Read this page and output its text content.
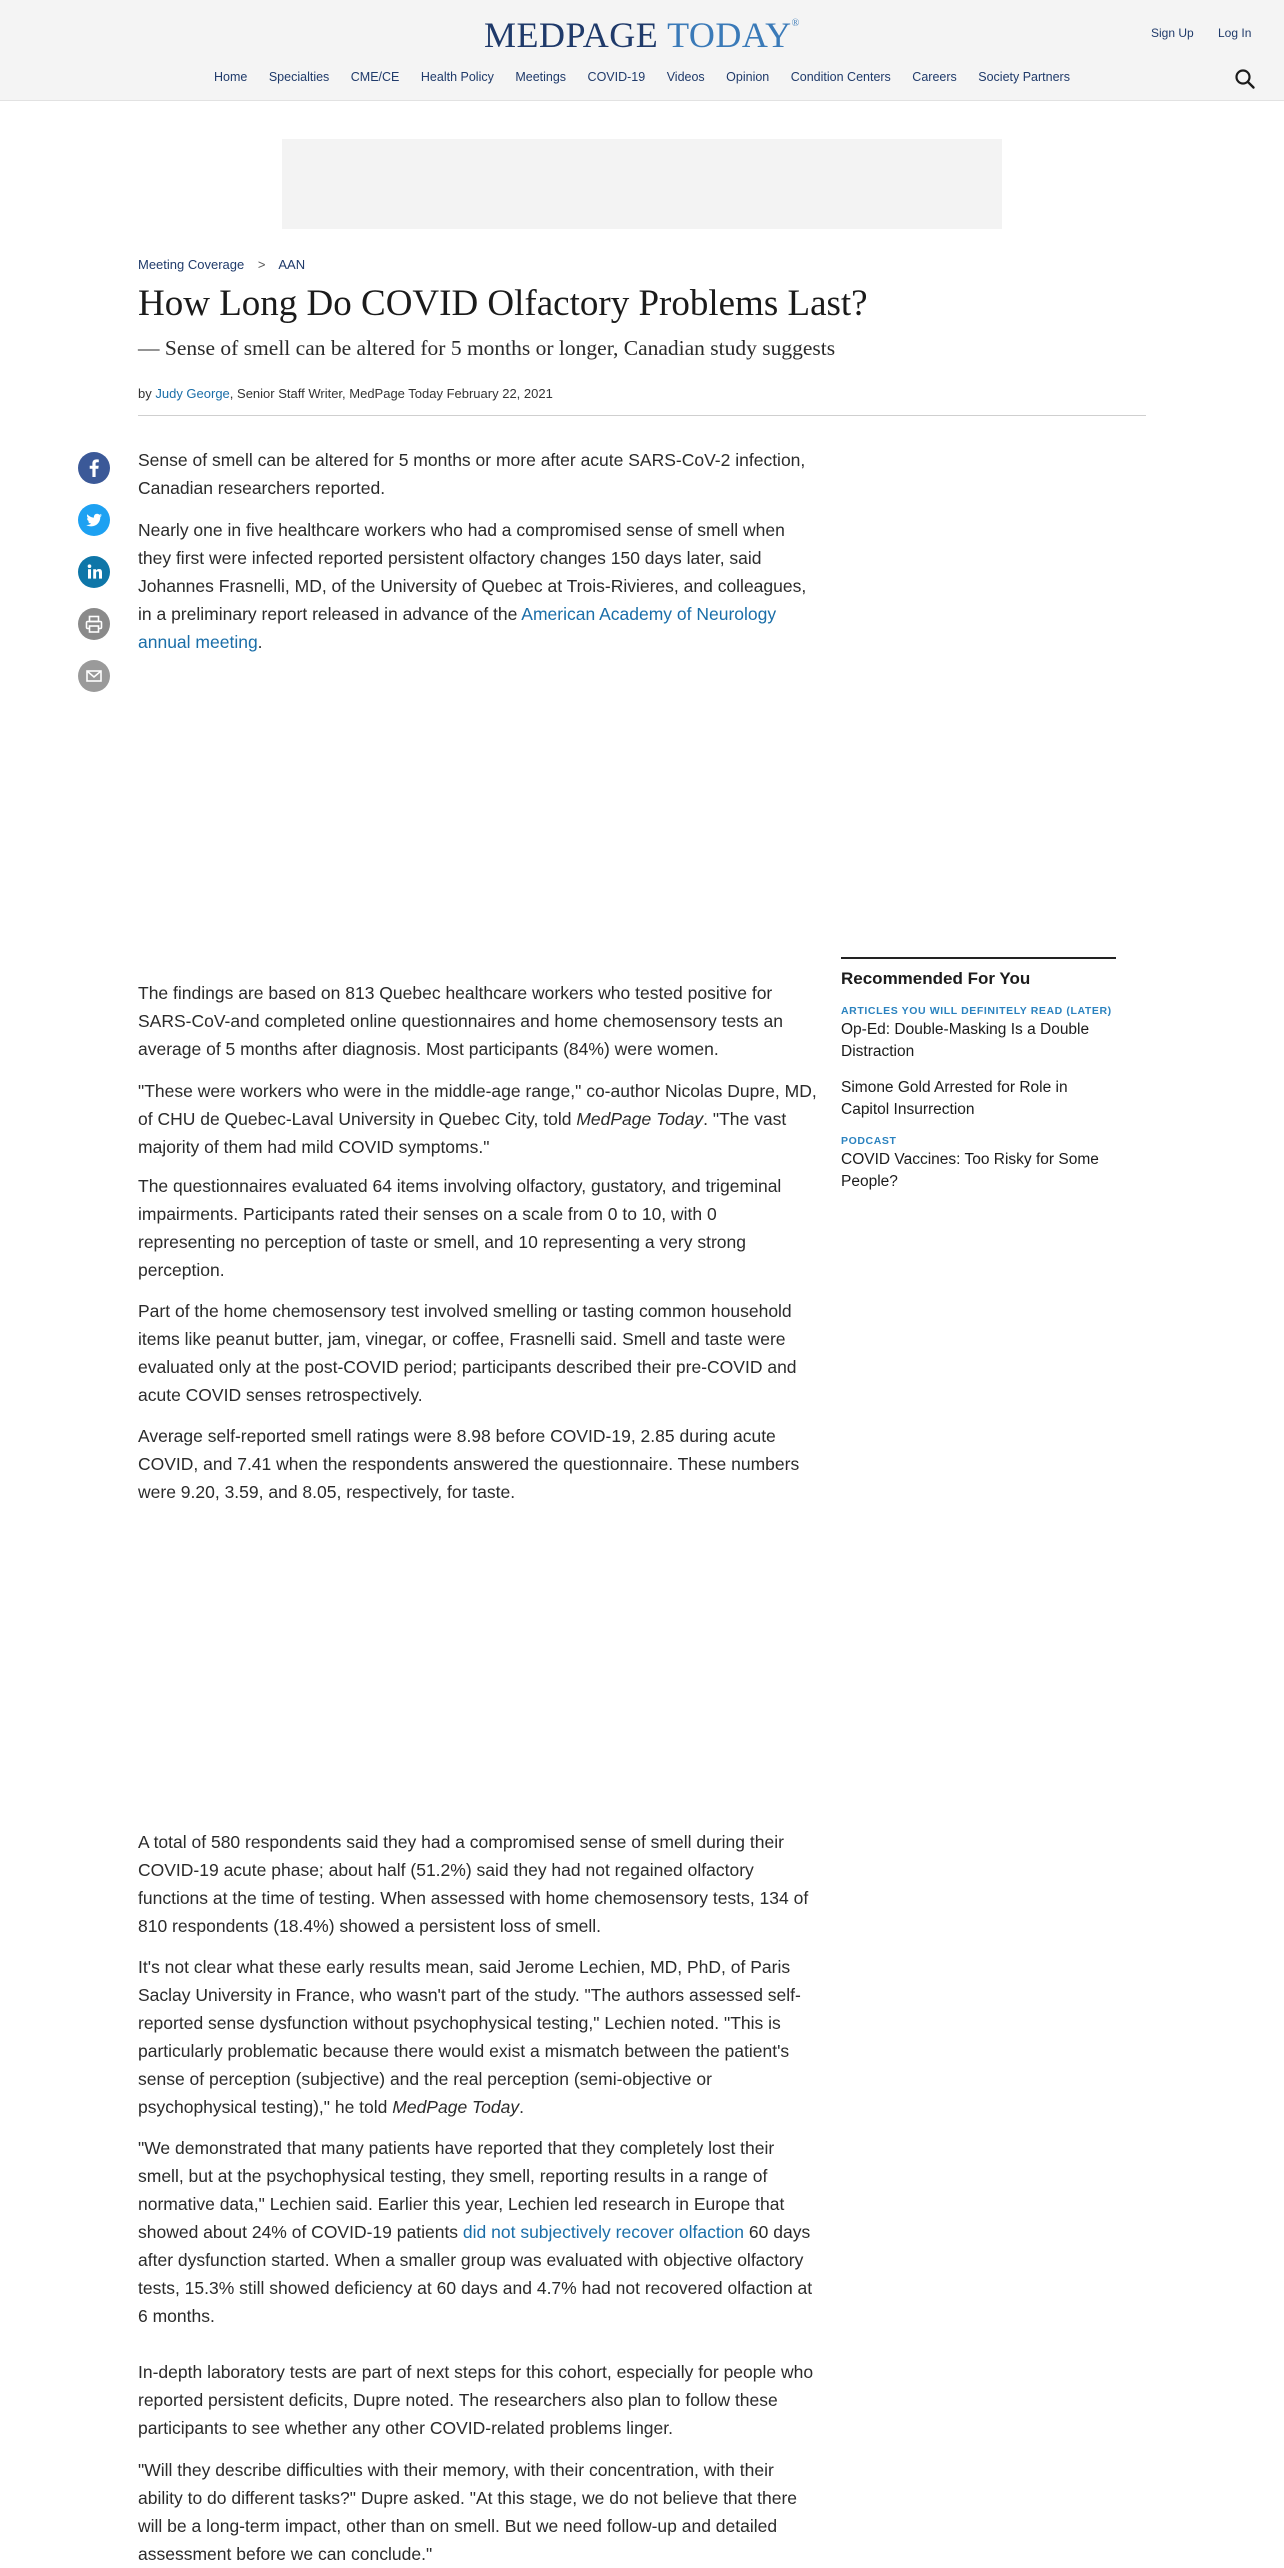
MEDPAGE TODAY®
Sign Up Log In
Home Specialties CME/CE Health Policy Meetings COVID-19 Videos Opinion Condition Centers Careers Society Partners
Meeting Coverage > AAN
How Long Do COVID Olfactory Problems Last?
— Sense of smell can be altered for 5 months or longer, Canadian study suggests
by Judy George, Senior Staff Writer, MedPage Today February 22, 2021

Sense of smell can be altered for 5 months or more after acute SARS-CoV-2 infection, Canadian researchers reported.

Nearly one in five healthcare workers who had a compromised sense of smell when they first were infected reported persistent olfactory changes 150 days later, said Johannes Frasnelli, MD, of the University of Quebec at Trois-Rivieres, and colleagues, in a preliminary report released in advance of the American Academy of Neurology annual meeting.

The findings are based on 813 Quebec healthcare workers who tested positive for SARS-CoV-and completed online questionnaires and home chemosensory tests an average of 5 months after diagnosis. Most participants (84%) were women.

"These were workers who were in the middle-age range," co-author Nicolas Dupre, MD, of CHU de Quebec-Laval University in Quebec City, told MedPage Today. "The vast majority of them had mild COVID symptoms."

The questionnaires evaluated 64 items involving olfactory, gustatory, and trigeminal impairments. Participants rated their senses on a scale from 0 to 10, with 0 representing no perception of taste or smell, and 10 representing a very strong perception.

Part of the home chemosensory test involved smelling or tasting common household items like peanut butter, jam, vinegar, or coffee, Frasnelli said. Smell and taste were evaluated only at the post-COVID period; participants described their pre-COVID and acute COVID senses retrospectively.

Average self-reported smell ratings were 8.98 before COVID-19, 2.85 during acute COVID, and 7.41 when the respondents answered the questionnaire. These numbers were 9.20, 3.59, and 8.05, respectively, for taste.

A total of 580 respondents said they had a compromised sense of smell during their COVID-19 acute phase; about half (51.2%) said they had not regained olfactory functions at the time of testing. When assessed with home chemosensory tests, 134 of 810 respondents (18.4%) showed a persistent loss of smell.

It's not clear what these early results mean, said Jerome Lechien, MD, PhD, of Paris Saclay University in France, who wasn't part of the study. "The authors assessed self-reported sense dysfunction without psychophysical testing," Lechien noted. "This is particularly problematic because there would exist a mismatch between the patient's sense of perception (subjective) and the real perception (semi-objective or psychophysical testing)," he told MedPage Today.

"We demonstrated that many patients have reported that they completely lost their smell, but at the psychophysical testing, they smell, reporting results in a range of normative data," Lechien said. Earlier this year, Lechien led research in Europe that showed about 24% of COVID-19 patients did not subjectively recover olfaction 60 days after dysfunction started. When a smaller group was evaluated with objective olfactory tests, 15.3% still showed deficiency at 60 days and 4.7% had not recovered olfaction at 6 months.

In-depth laboratory tests are part of next steps for this cohort, especially for people who reported persistent deficits, Dupre noted. The researchers also plan to follow these participants to see whether any other COVID-related problems linger.

"Will they describe difficulties with their memory, with their concentration, with their ability to do different tasks?" Dupre asked. "At this stage, we do not believe that there will be a long-term impact, other than on smell. But we need follow-up and detailed assessment before we can conclude."

Recommended For You
ARTICLES YOU WILL DEFINITELY READ (LATER)
Op-Ed: Double-Masking Is a Double Distraction
Simone Gold Arrested for Role in Capitol Insurrection
PODCAST
COVID Vaccines: Too Risky for Some People?
